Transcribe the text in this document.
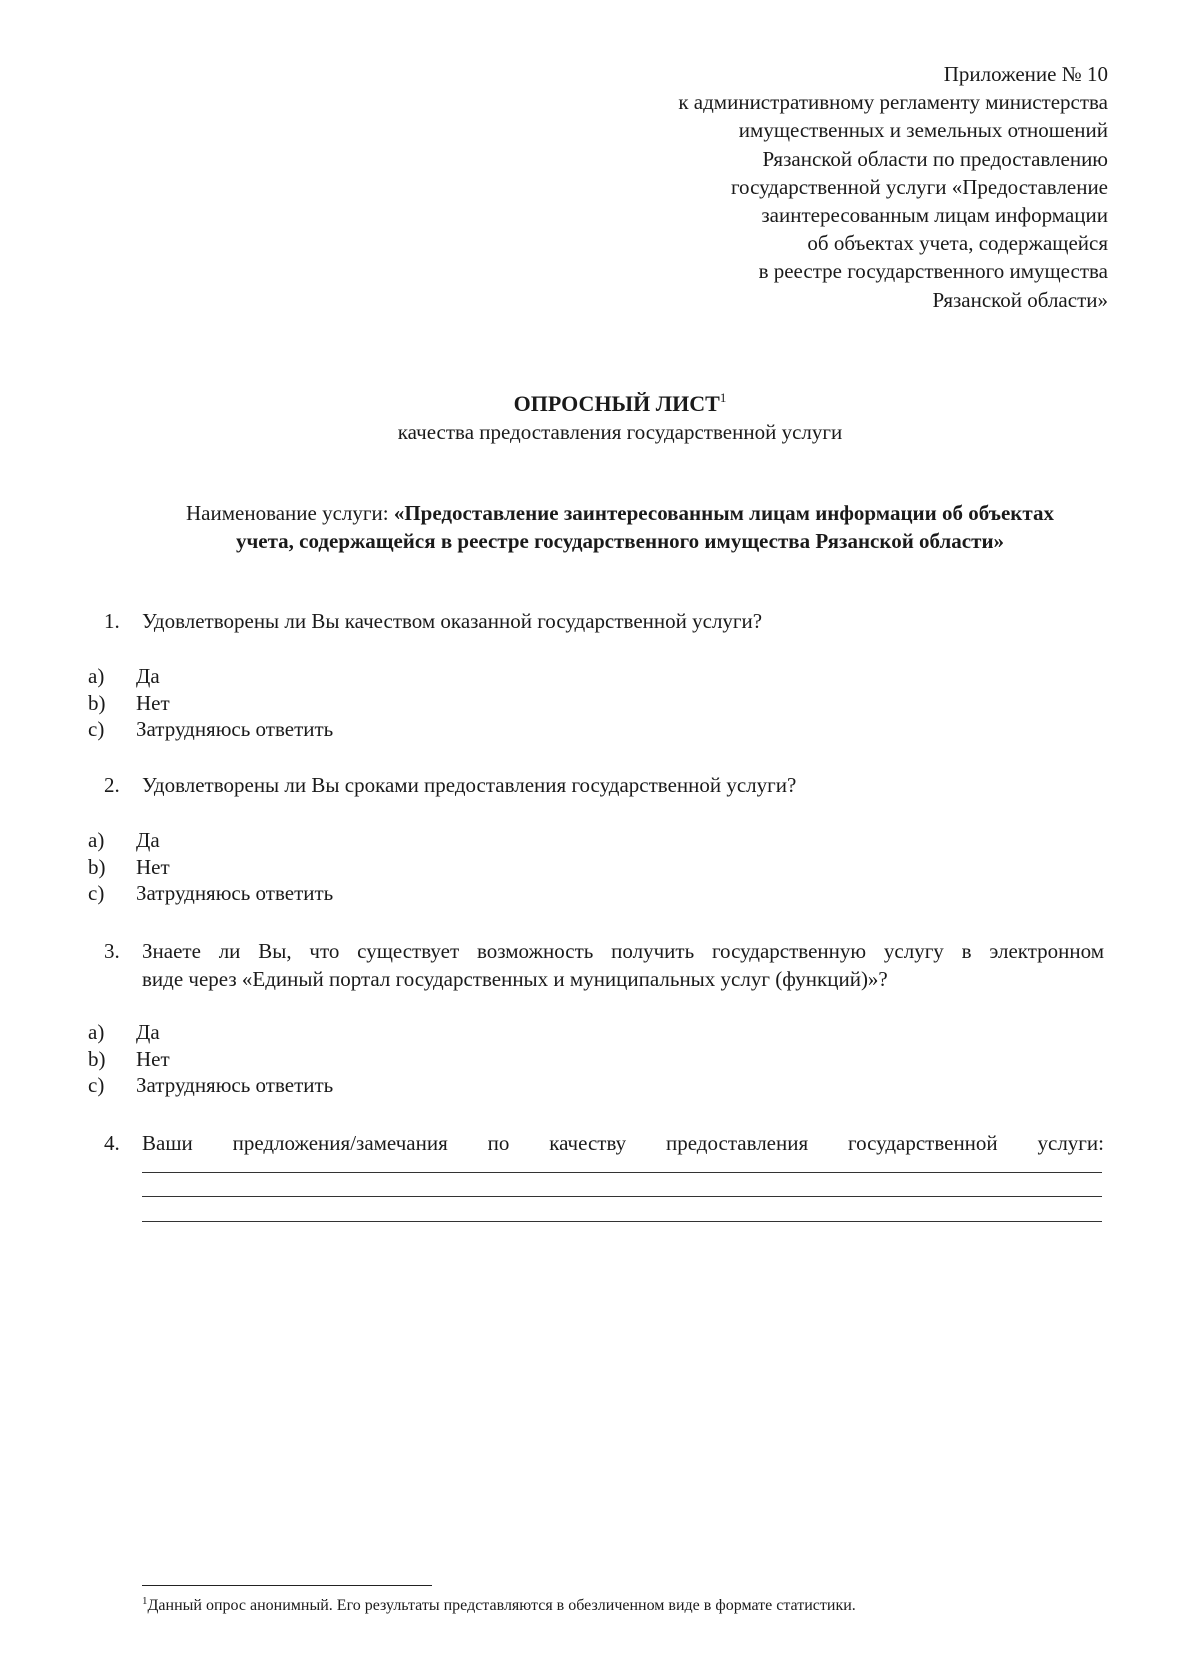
Приложение № 10
к административному регламенту министерства
имущественных и земельных отношений
Рязанской области по предоставлению
государственной услуги «Предоставление
заинтересованным лицам информации
об объектах учета, содержащейся
в реестре государственного имущества
Рязанской области»
ОПРОСНЫЙ ЛИСТ$^1$
качества предоставления государственной услуги
Наименование услуги: «Предоставление заинтересованным лицам информации об объектах учета, содержащейся в реестре государственного имущества Рязанской области»
1. Удовлетворены ли Вы качеством оказанной государственной услуги?
a)	Да
b)	Нет
c)	Затрудняюсь ответить
2. Удовлетворены ли Вы сроками предоставления государственной услуги?
a)	Да
b)	Нет
c)	Затрудняюсь ответить
3. Знаете ли Вы, что существует возможность получить государственную услугу в электронном
виде через «Единый портал государственных и муниципальных услуг (функций)»?
a)	Да
b)	Нет
c)	Затрудняюсь ответить
4. Ваши предложения/замечания по качеству предоставления государственной услуги:
$^1$Данный опрос анонимный. Его результаты представляются в обезличенном виде в формате статистики.
